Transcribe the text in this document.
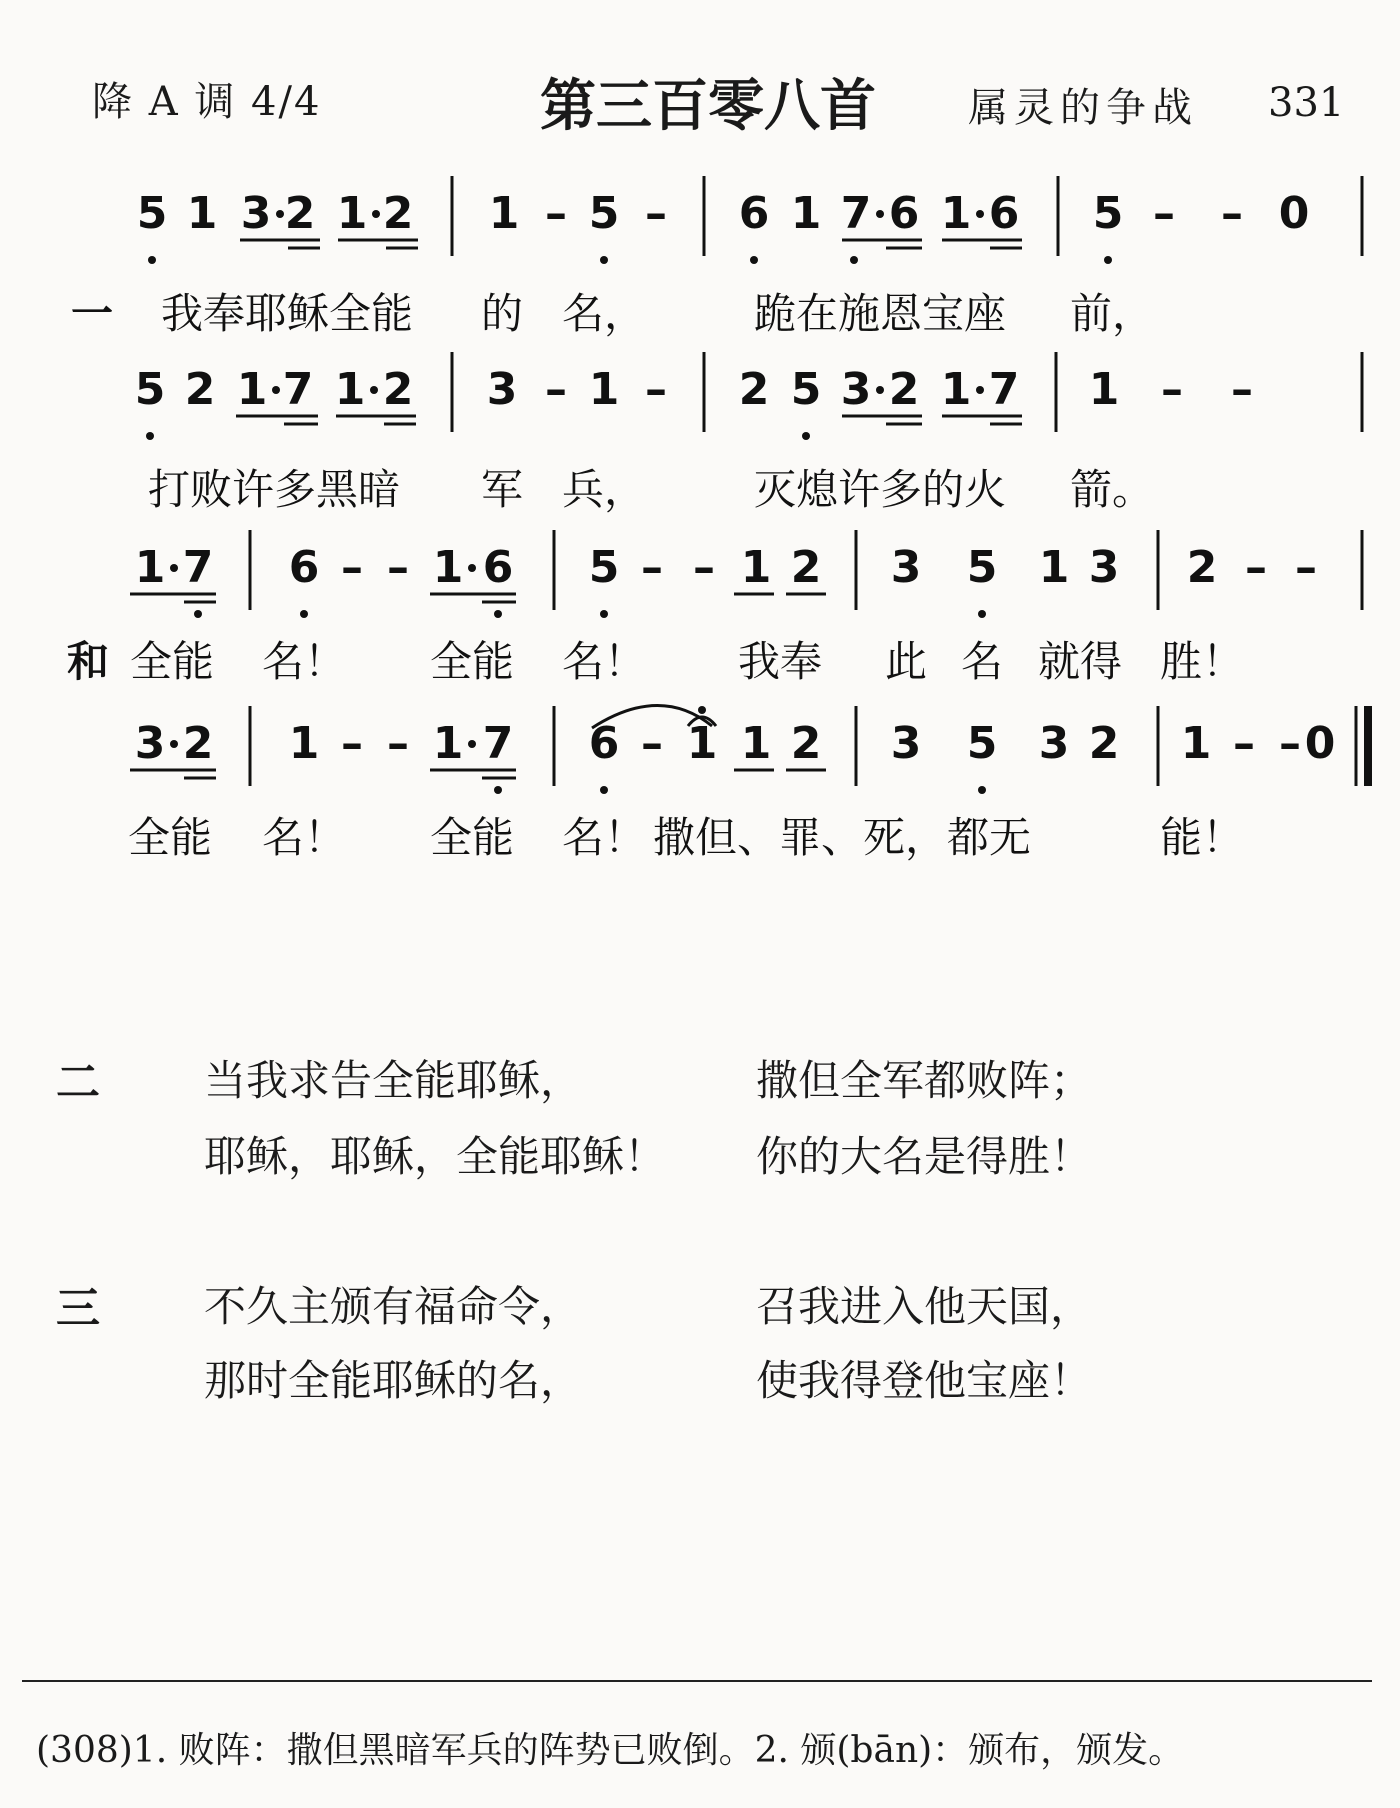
降 A 调 4/4	第三百零八首 属灵的争战 331
5 1 3 2 1 2 1 – 5 – 6 1 7 6 1 6 5 – – 0
我奉耶稣全能 的 名，	跪在施恩宝座 前，
一
5 2 1 7 1 2 3 – 1 – 2 5 3 2 1 7 1 – –
打败许多黑暗 军 兵，	灭熄许多的火 箭。
1 7 6 – – 1 6 5 – – 1 2 3 5 1 3 2 – –
全能 名！ 全能 名！ 我奉 此 名 就得 胜！
和
3 2 1 – – 1 7 6 – 1 1 2 3 5 3 2 1 – – 0
全能 名！ 全能 名！ 撒但、罪、死，都无	能！
二 当我求告全能耶稣，	撒但全军都败阵；
耶稣，耶稣，全能耶稣！ 你的大名是得胜！
三 不久主颁有福命令，	召我进入他天国，
那时全能耶稣的名，	使我得登他宝座！
(308)1. 败阵：撒但黑暗军兵的阵势已败倒。2. 颁(bān)：颁布，颁发。
